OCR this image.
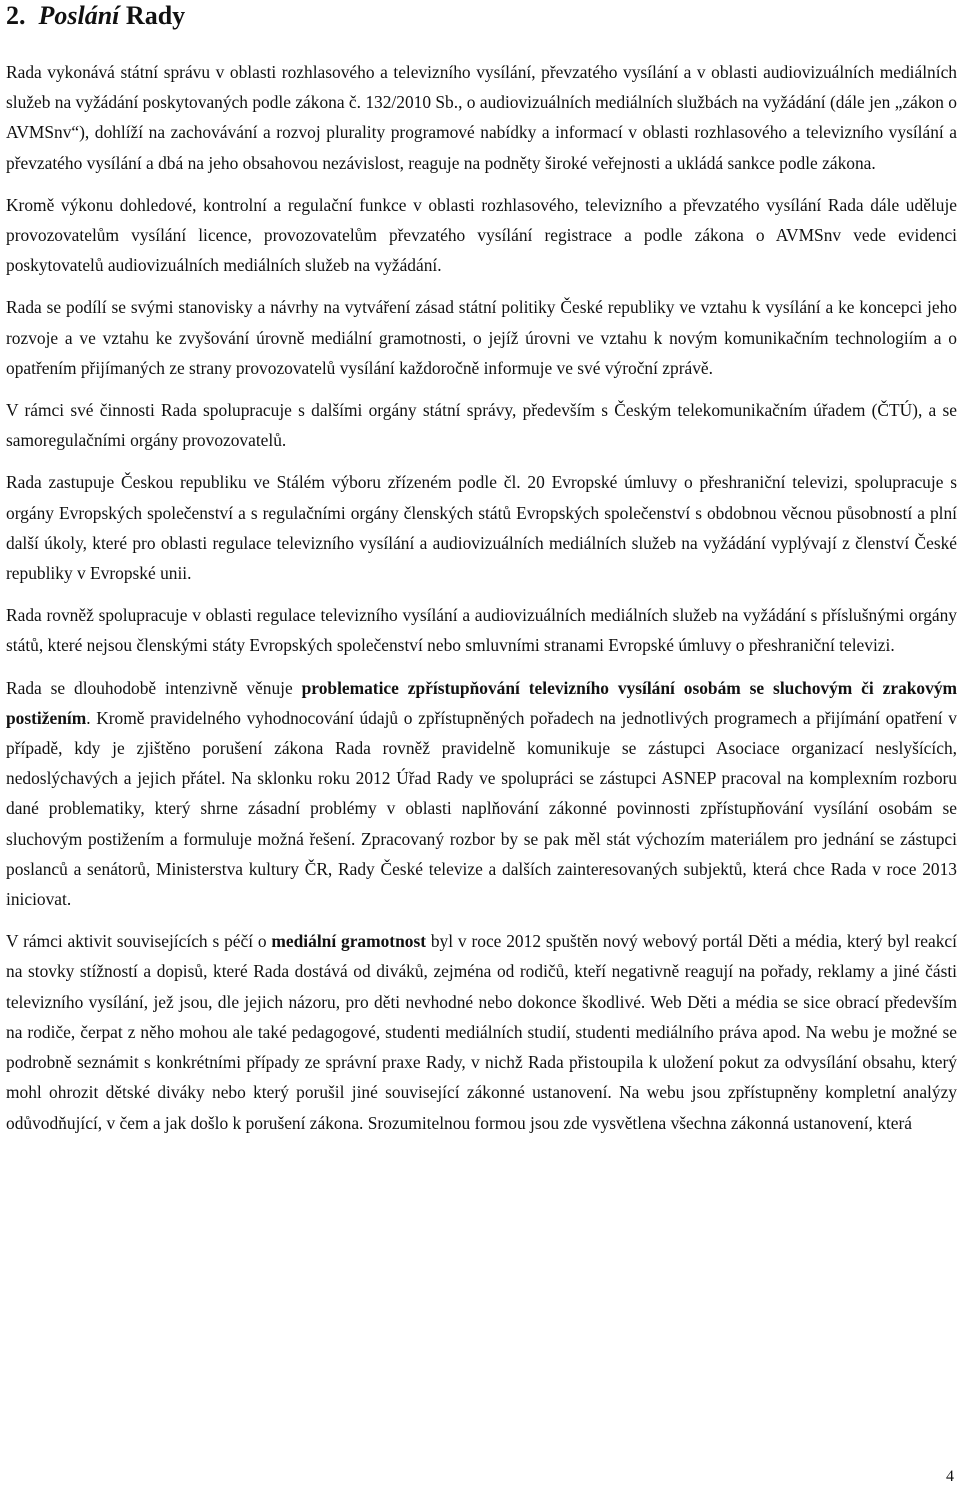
2. Poslání Rady

Rada vykonává státní správu v oblasti rozhlasového a televizního vysílání, převzatého vysílání a v oblasti audiovizuálních mediálních služeb na vyžádání poskytovaných podle zákona č. 132/2010 Sb., o audiovizuálních mediálních službách na vyžádání (dále jen „zákon o AVMSnv“), dohlíží na zachovávání a rozvoj plurality programové nabídky a informací v oblasti rozhlasového a televizního vysílání a převzatého vysílání a dbá na jeho obsahovou nezávislost, reaguje na podněty široké veřejnosti a ukládá sankce podle zákona.

Kromě výkonu dohledové, kontrolní a regulační funkce v oblasti rozhlasového, televizního a převzatého vysílání Rada dále uděluje provozovatelům vysílání licence, provozovatelům převzatého vysílání registrace a podle zákona o AVMSnv vede evidenci poskytovatelů audiovizuálních mediálních služeb na vyžádání.

Rada se podílí se svými stanovisky a návrhy na vytváření zásad státní politiky České republiky ve vztahu k vysílání a ke koncepci jeho rozvoje a ve vztahu ke zvyšování úrovně mediální gramotnosti, o jejíž úrovni ve vztahu k novým komunikačním technologiím a o opatřením přijímaných ze strany provozovatelů vysílání každoročně informuje ve své výroční zprávě.

V rámci své činnosti Rada spolupracuje s dalšími orgány státní správy, především s Českým telekomunikačním úřadem (ČTÚ), a se samoregulačními orgány provozovatelů.

Rada zastupuje Českou republiku ve Stálém výboru zřízeném podle čl. 20 Evropské úmluvy o přeshraniční televizi, spolupracuje s orgány Evropských společenství a s regulačními orgány členských států Evropských společenství s obdobnou věcnou působností a plní další úkoly, které pro oblasti regulace televizního vysílání a audiovizuálních mediálních služeb na vyžádání vyplývají z členství České republiky v Evropské unii.

Rada rovněž spolupracuje v oblasti regulace televizního vysílání a audiovizuálních mediálních služeb na vyžádání s příslušnými orgány států, které nejsou členskými státy Evropských společenství nebo smluvními stranami Evropské úmluvy o přeshraniční televizi.

Rada se dlouhodobě intenzivně věnuje problematice zpřístupňování televizního vysílání osobám se sluchovým či zrakovým postižením. Kromě pravidelného vyhodnocování údajů o zpřístupněných pořadech na jednotlivých programech a přijímání opatření v případě, kdy je zjištěno porušení zákona Rada rovněž pravidelně komunikuje se zástupci Asociace organizací neslyšících, nedoslýchavých a jejich přátel. Na sklonku roku 2012 Úřad Rady ve spolupráci se zástupci ASNEP pracoval na komplexním rozboru dané problematiky, který shrne zásadní problémy v oblasti naplňování zákonné povinnosti zpřístupňování vysílání osobám se sluchovým postižením a formuluje možná řešení. Zpracovaný rozbor by se pak měl stát výchozím materiálem pro jednání se zástupci poslanců a senátorů, Ministerstva kultury ČR, Rady České televize a dalších zainteresovaných subjektů, která chce Rada v roce 2013 iniciovat.

V rámci aktivit souvisejících s péčí o mediální gramotnost byl v roce 2012 spuštěn nový webový portál Děti a média, který byl reakcí na stovky stížností a dopisů, které Rada dostává od diváků, zejména od rodičů, kteří negativně reagují na pořady, reklamy a jiné části televizního vysílání, jež jsou, dle jejich názoru, pro děti nevhodné nebo dokonce škodlivé. Web Děti a média se sice obrací především na rodiče, čerpat z něho mohou ale také pedagogové, studenti mediálních studií, studenti mediálního práva apod. Na webu je možné se podrobně seznámit s konkrétními případy ze správní praxe Rady, v nichž Rada přistoupila k uložení pokut za odvysílání obsahu, který mohl ohrozit dětské diváky nebo který porušil jiné související zákonné ustanovení. Na webu jsou zpřístupněny kompletní analýzy odůvodňující, v čem a jak došlo k porušení zákona. Srozumitelnou formou jsou zde vysvětlena všechna zákonná ustanovení, která

4
